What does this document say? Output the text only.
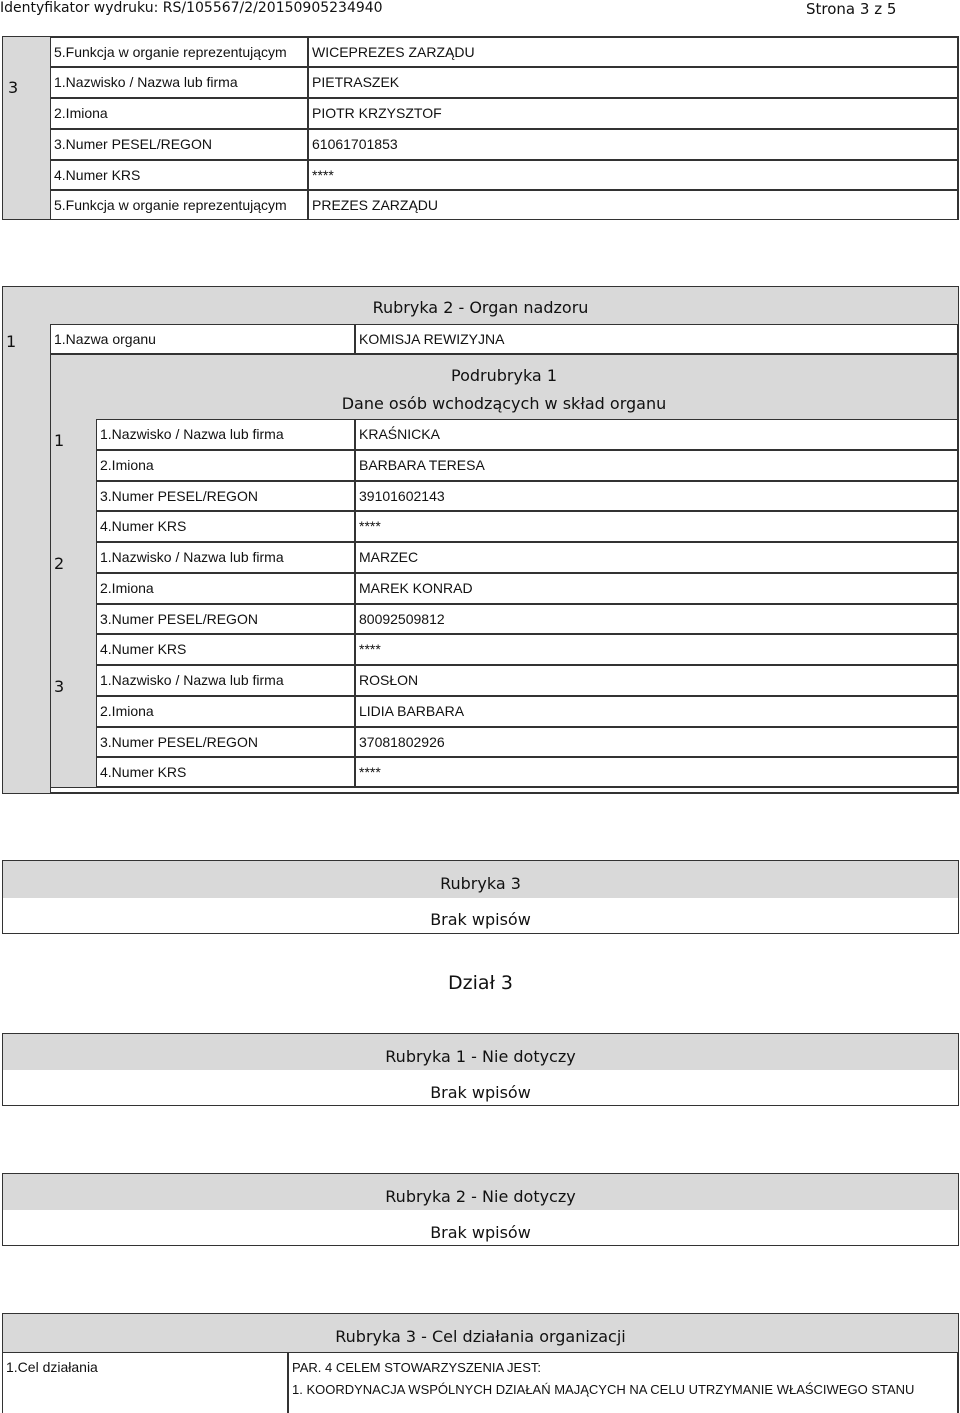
Identyfikator wydruku: RS/105567/2/20150905234940	Strona 3 z 5
5.Funkcja w organie reprezentującym	WICEPREZES ZARZĄDU
3	1.Nazwisko / Nazwa lub firma	PIETRASZEK
2.Imiona	PIOTR KRZYSZTOF
3.Numer PESEL/REGON	61061701853
4.Numer KRS	****
5.Funkcja w organie reprezentującym	PREZES ZARZĄDU
Rubryka 2 - Organ nadzoru
1	1.Nazwa organu	KOMISJA REWIZYJNA
Podrubryka 1
Dane osób wchodzących w skład organu
1	1.Nazwisko / Nazwa lub firma	KRAŚNICKA
2.Imiona	BARBARA TERESA
3.Numer PESEL/REGON	39101602143
4.Numer KRS	****
2	1.Nazwisko / Nazwa lub firma	MARZEC
2.Imiona	MAREK KONRAD
3.Numer PESEL/REGON	80092509812
4.Numer KRS	****
3	1.Nazwisko / Nazwa lub firma	ROSŁON
2.Imiona	LIDIA BARBARA
3.Numer PESEL/REGON	37081802926
4.Numer KRS	****
Rubryka 3
Brak wpisów
Dział 3
Rubryka 1 - Nie dotyczy
Brak wpisów
Rubryka 2 - Nie dotyczy
Brak wpisów
Rubryka 3 - Cel działania organizacji
1.Cel działania	PAR. 4 CELEM STOWARZYSZENIA JEST:
1. KOORDYNACJA WSPÓLNYCH DZIAŁAŃ MAJĄCYCH NA CELU UTRZYMANIE WŁAŚCIWEGO STANU
